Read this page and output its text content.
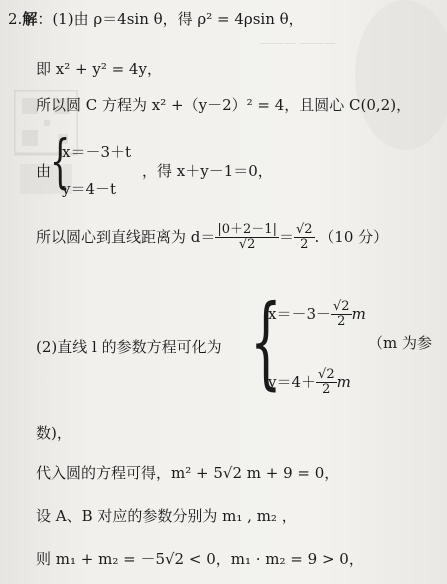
——— ———
2.解：(1)由 ρ＝4sin θ，得 ρ² = 4ρsin θ，
即 x² + y² = 4y，
所以圆 C 方程为 x² +（y－2）² = 4，且圆心 C(0,2)，
由
{
x＝－3＋t
y＝4－t
，得 x＋y－1＝0，
所以圆心到直线距离为 $d= \frac{|0+2-1|}{√2} = \frac{√2}{2} .(10$ 分）
(2)直线 l 的参数方程可化为 {
$x=-3- \frac{√2}{2}$ m
$y=4+ \frac{√2}{2}$ m
（m 为参
数)，
代入圆的方程可得，m² + 5√2 m + 9 = 0，
设 A、B 对应的参数分别为 m₁ , m₂ ，
则 m₁ + m₂ = －5√2 < 0，m₁ · m₂ = 9 > 0，
